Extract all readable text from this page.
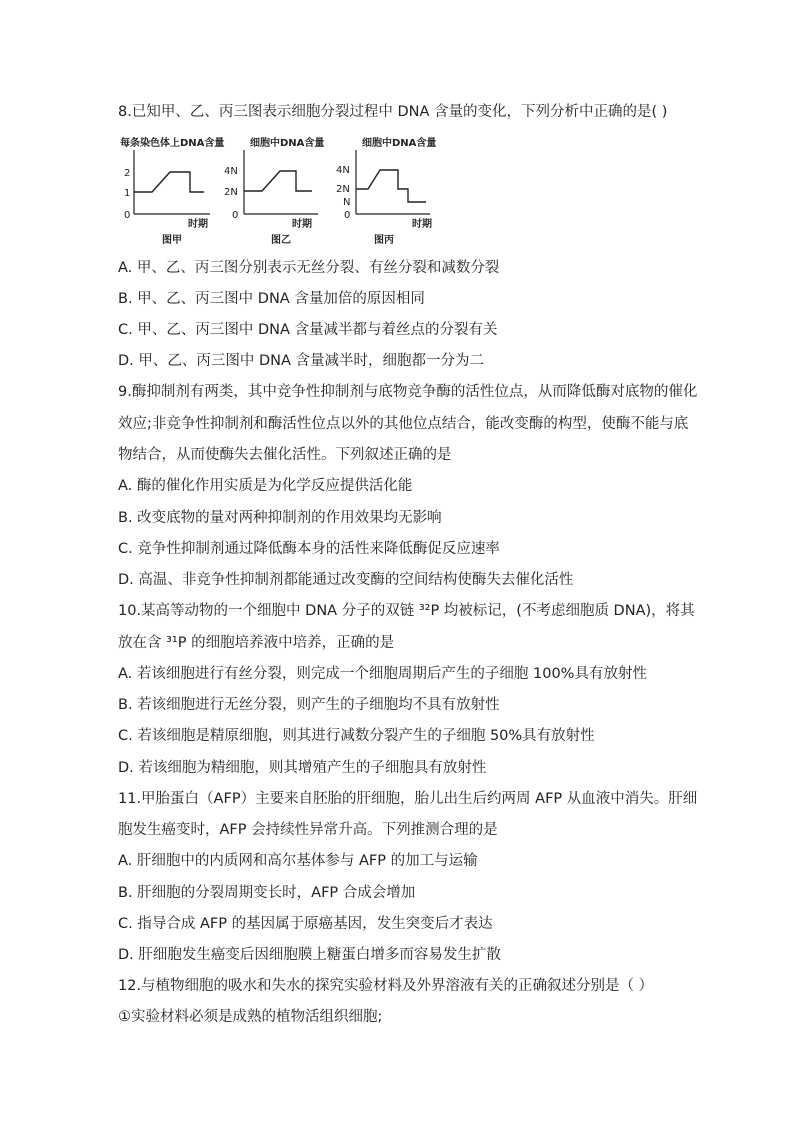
8.已知甲、乙、丙三图表示细胞分裂过程中 DNA 含量的变化，下列分析中正确的是( )
每条染色体上DNA含量
2
1
0
时期
图甲
细胞中DNA含量
4N
2N
0
时期
图乙
细胞中DNA含量
4N
2N
N
0
时期
图丙
A. 甲、乙、丙三图分别表示无丝分裂、有丝分裂和减数分裂
B. 甲、乙、丙三图中 DNA 含量加倍的原因相同
C. 甲、乙、丙三图中 DNA 含量减半都与着丝点的分裂有关
D. 甲、乙、丙三图中 DNA 含量减半时，细胞都一分为二
9.酶抑制剂有两类，其中竞争性抑制剂与底物竞争酶的活性位点，从而降低酶对底物的催化
效应;非竞争性抑制剂和酶活性位点以外的其他位点结合，能改变酶的构型，使酶不能与底
物结合，从而使酶失去催化活性。下列叙述正确的是
A. 酶的催化作用实质是为化学反应提供活化能
B. 改变底物的量对两种抑制剂的作用效果均无影响
C. 竞争性抑制剂通过降低酶本身的活性来降低酶促反应速率
D. 高温、非竞争性抑制剂都能通过改变酶的空间结构使酶失去催化活性
10.某高等动物的一个细胞中 DNA 分子的双链 ³²P 均被标记，(不考虑细胞质 DNA)，将其
放在含 ³¹P 的细胞培养液中培养，正确的是
A. 若该细胞进行有丝分裂，则完成一个细胞周期后产生的子细胞 100%具有放射性
B. 若该细胞进行无丝分裂，则产生的子细胞均不具有放射性
C. 若该细胞是精原细胞，则其进行减数分裂产生的子细胞 50%具有放射性
D. 若该细胞为精细胞，则其增殖产生的子细胞具有放射性
11.甲胎蛋白（AFP）主要来自胚胎的肝细胞，胎儿出生后约两周 AFP 从血液中消失。肝细
胞发生癌变时，AFP 会持续性异常升高。下列推测合理的是
A. 肝细胞中的内质网和高尔基体参与 AFP 的加工与运输
B. 肝细胞的分裂周期变长时，AFP 合成会增加
C. 指导合成 AFP 的基因属于原癌基因，发生突变后才表达
D. 肝细胞发生癌变后因细胞膜上糖蛋白增多而容易发生扩散
12.与植物细胞的吸水和失水的探究实验材料及外界溶液有关的正确叙述分别是（ ）
①实验材料必须是成熟的植物活组织细胞;
